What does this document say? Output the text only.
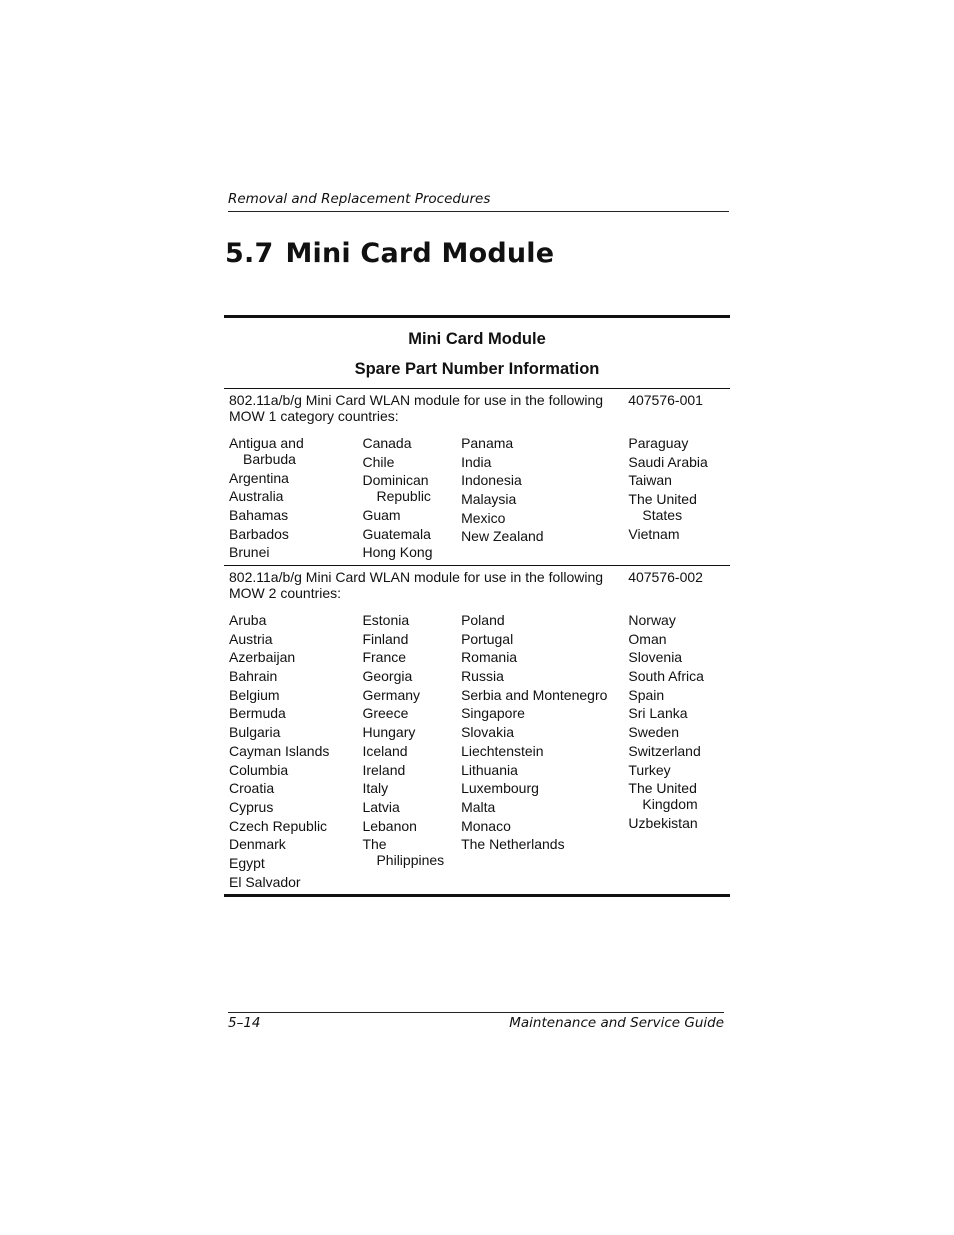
Removal and Replacement Procedures
5.7 Mini Card Module
Mini Card Module
Spare Part Number Information
802.11a/b/g Mini Card WLAN module for use in the following MOW 1 category countries:
407576-001
Antigua and
Barbuda
Argentina
Australia
Bahamas
Barbados
Brunei
Canada
Chile
Dominican
Republic
Guam
Guatemala
Hong Kong
Panama
India
Indonesia
Malaysia
Mexico
New Zealand
Paraguay
Saudi Arabia
Taiwan
The United
States
Vietnam
802.11a/b/g Mini Card WLAN module for use in the following MOW 2 countries:
407576-002
Aruba
Austria
Azerbaijan
Bahrain
Belgium
Bermuda
Bulgaria
Cayman Islands
Columbia
Croatia
Cyprus
Czech Republic
Denmark
Egypt
El Salvador
Estonia
Finland
France
Georgia
Germany
Greece
Hungary
Iceland
Ireland
Italy
Latvia
Lebanon
The
Philippines
Poland
Portugal
Romania
Russia
Serbia and Montenegro
Singapore
Slovakia
Liechtenstein
Lithuania
Luxembourg
Malta
Monaco
The Netherlands
Norway
Oman
Slovenia
South Africa
Spain
Sri Lanka
Sweden
Switzerland
Turkey
The United
Kingdom
Uzbekistan
5–14	Maintenance and Service Guide
